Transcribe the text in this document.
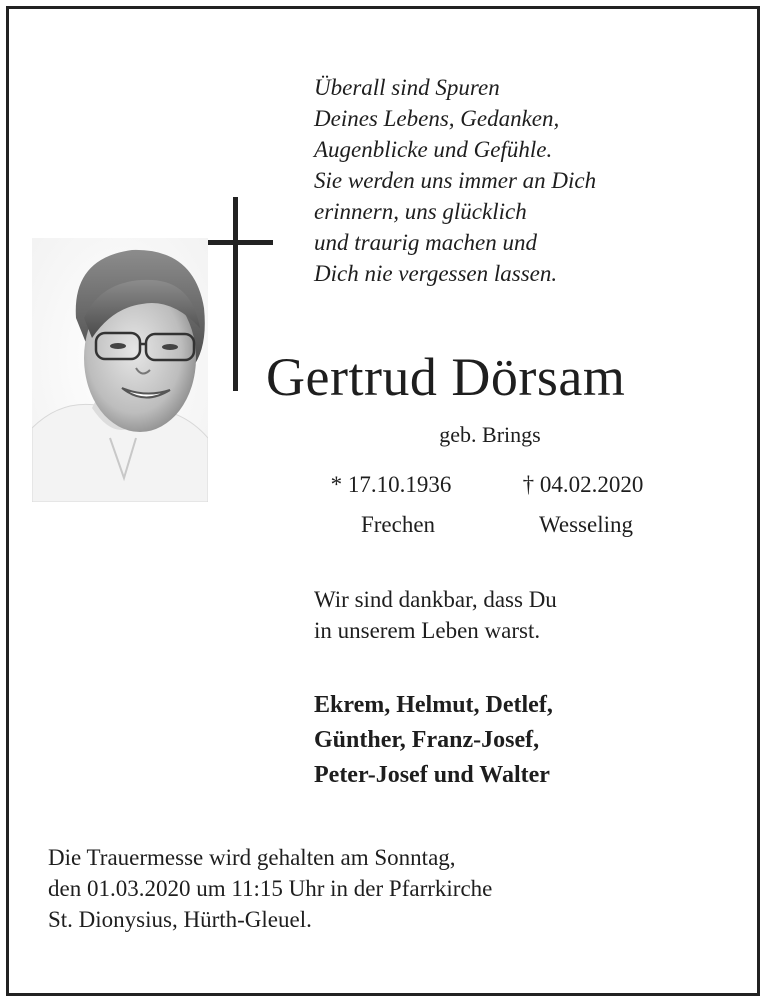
Überall sind Spuren
Deines Lebens, Gedanken,
Augenblicke und Gefühle.
Sie werden uns immer an Dich
erinnern, uns glücklich
und traurig machen und
Dich nie vergessen lassen.
Gertrud Dörsam
geb. Brings
* 17.10.1936
Frechen
† 04.02.2020
Wesseling
Wir sind dankbar, dass Du
in unserem Leben warst.
Ekrem, Helmut, Detlef,
Günther, Franz-Josef,
Peter-Josef und Walter
Die Trauermesse wird gehalten am Sonntag,
den 01.03.2020 um 11:15 Uhr in der Pfarrkirche
St. Dionysius, Hürth-Gleuel.
